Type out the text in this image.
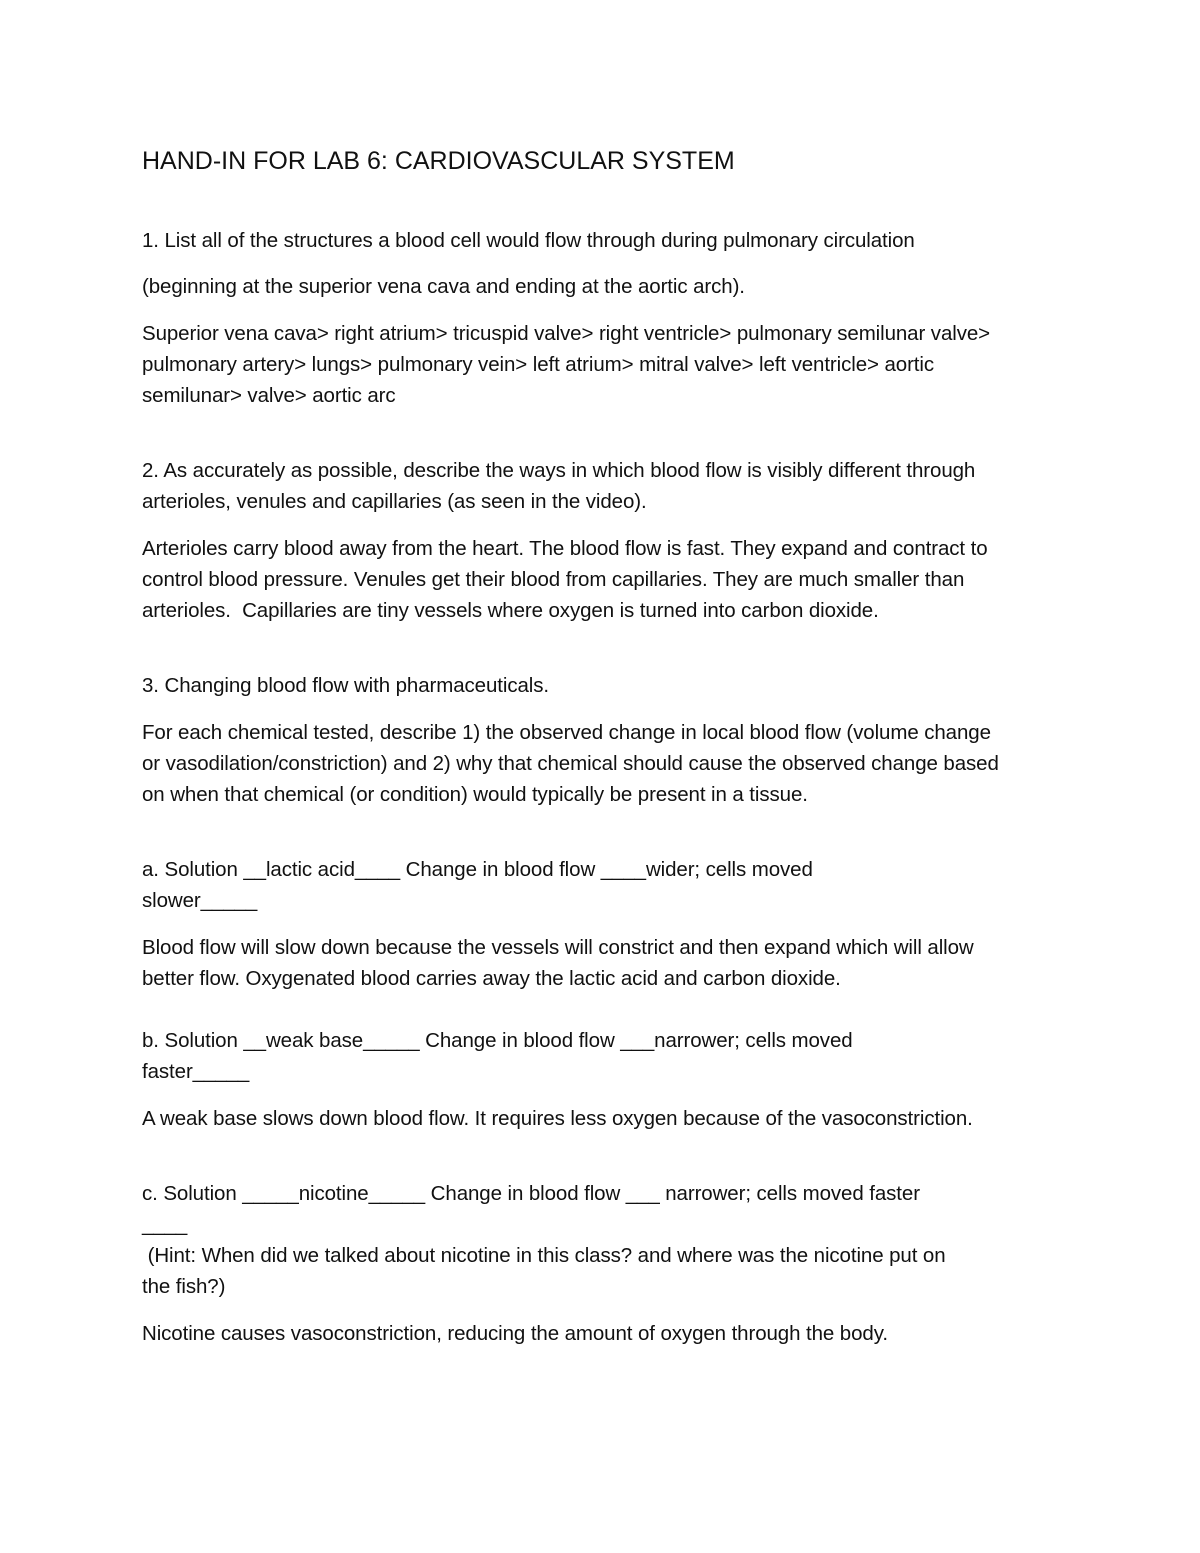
HAND-IN FOR LAB 6: CARDIOVASCULAR SYSTEM

1. List all of the structures a blood cell would flow through during pulmonary circulation

(beginning at the superior vena cava and ending at the aortic arch).

Superior vena cava> right atrium> tricuspid valve> right ventricle> pulmonary semilunar valve>

pulmonary artery> lungs> pulmonary vein> left atrium> mitral valve> left ventricle> aortic

semilunar> valve> aortic arc

2. As accurately as possible, describe the ways in which blood flow is visibly different through

arterioles, venules and capillaries (as seen in the video).

Arterioles carry blood away from the heart. The blood flow is fast. They expand and contract to

control blood pressure. Venules get their blood from capillaries. They are much smaller than

arterioles.  Capillaries are tiny vessels where oxygen is turned into carbon dioxide.

3. Changing blood flow with pharmaceuticals.

For each chemical tested, describe 1) the observed change in local blood flow (volume change

or vasodilation/constriction) and 2) why that chemical should cause the observed change based

on when that chemical (or condition) would typically be present in a tissue.

a. Solution __lactic acid____ Change in blood flow ____wider; cells moved

slower_____

Blood flow will slow down because the vessels will constrict and then expand which will allow

better flow. Oxygenated blood carries away the lactic acid and carbon dioxide.

b. Solution __weak base_____ Change in blood flow ___narrower; cells moved

faster_____

A weak base slows down blood flow. It requires less oxygen because of the vasoconstriction.

c. Solution _____nicotine_____ Change in blood flow ___ narrower; cells moved faster

____

(Hint: When did we talked about nicotine in this class? and where was the nicotine put on

the fish?)

Nicotine causes vasoconstriction, reducing the amount of oxygen through the body.
